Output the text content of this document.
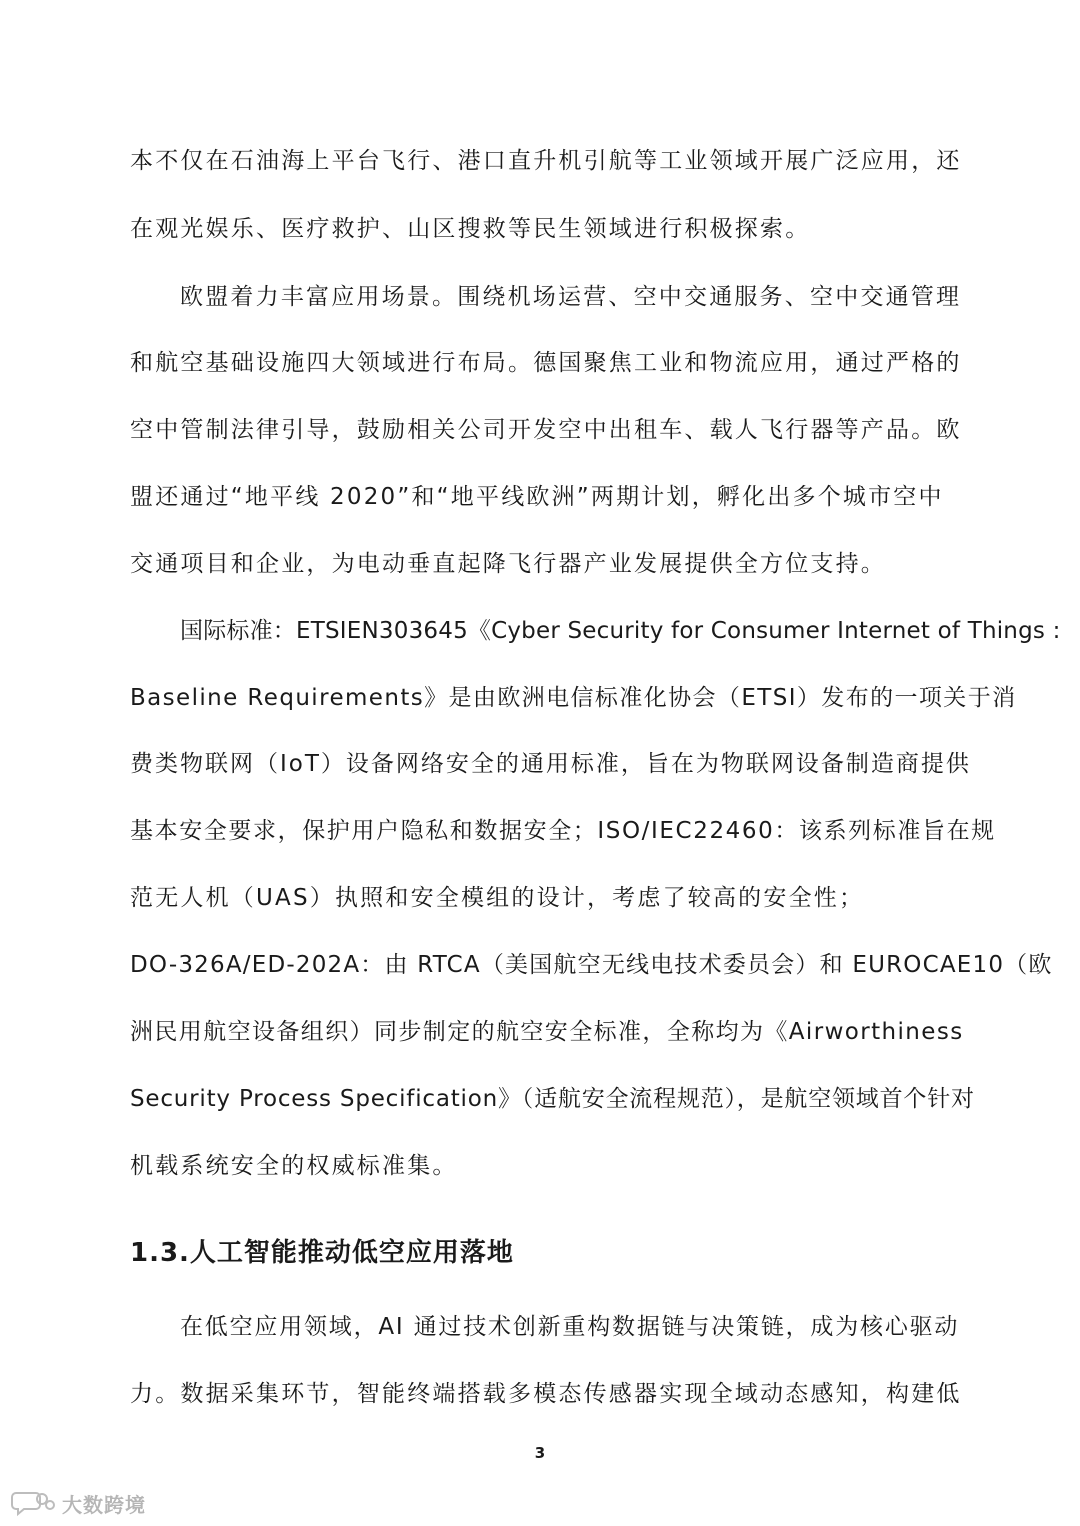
本不仅在石油海上平台飞行、港口直升机引航等工业领域开展广泛应用，还
在观光娱乐、医疗救护、山区搜救等民生领域进行积极探索。
欧盟着力丰富应用场景。围绕机场运营、空中交通服务、空中交通管理
和航空基础设施四大领域进行布局。德国聚焦工业和物流应用，通过严格的
空中管制法律引导，鼓励相关公司开发空中出租车、载人飞行器等产品。欧
盟还通过“地平线 2020”和“地平线欧洲”两期计划，孵化出多个城市空中
交通项目和企业，为电动垂直起降飞行器产业发展提供全方位支持。
国际标准：ETSIEN303645《Cyber Security for Consumer Internet of Things :
Baseline Requirements》是由欧洲电信标准化协会（ETSI）发布的一项关于消
费类物联网（IoT）设备网络安全的通用标准，旨在为物联网设备制造商提供
基本安全要求，保护用户隐私和数据安全；ISO/IEC22460：该系列标准旨在规
范无人机（UAS）执照和安全模组的设计，考虑了较高的安全性；
DO-326A/ED-202A：由 RTCA（美国航空无线电技术委员会）和 EUROCAE10（欧
洲民用航空设备组织）同步制定的航空安全标准，全称均为《Airworthiness
Security Process Specification》（适航安全流程规范），是航空领域首个针对
机载系统安全的权威标准集。
1.3.人工智能推动低空应用落地
在低空应用领域，AI 通过技术创新重构数据链与决策链，成为核心驱动
力。数据采集环节，智能终端搭载多模态传感器实现全域动态感知，构建低
3
大数跨境
